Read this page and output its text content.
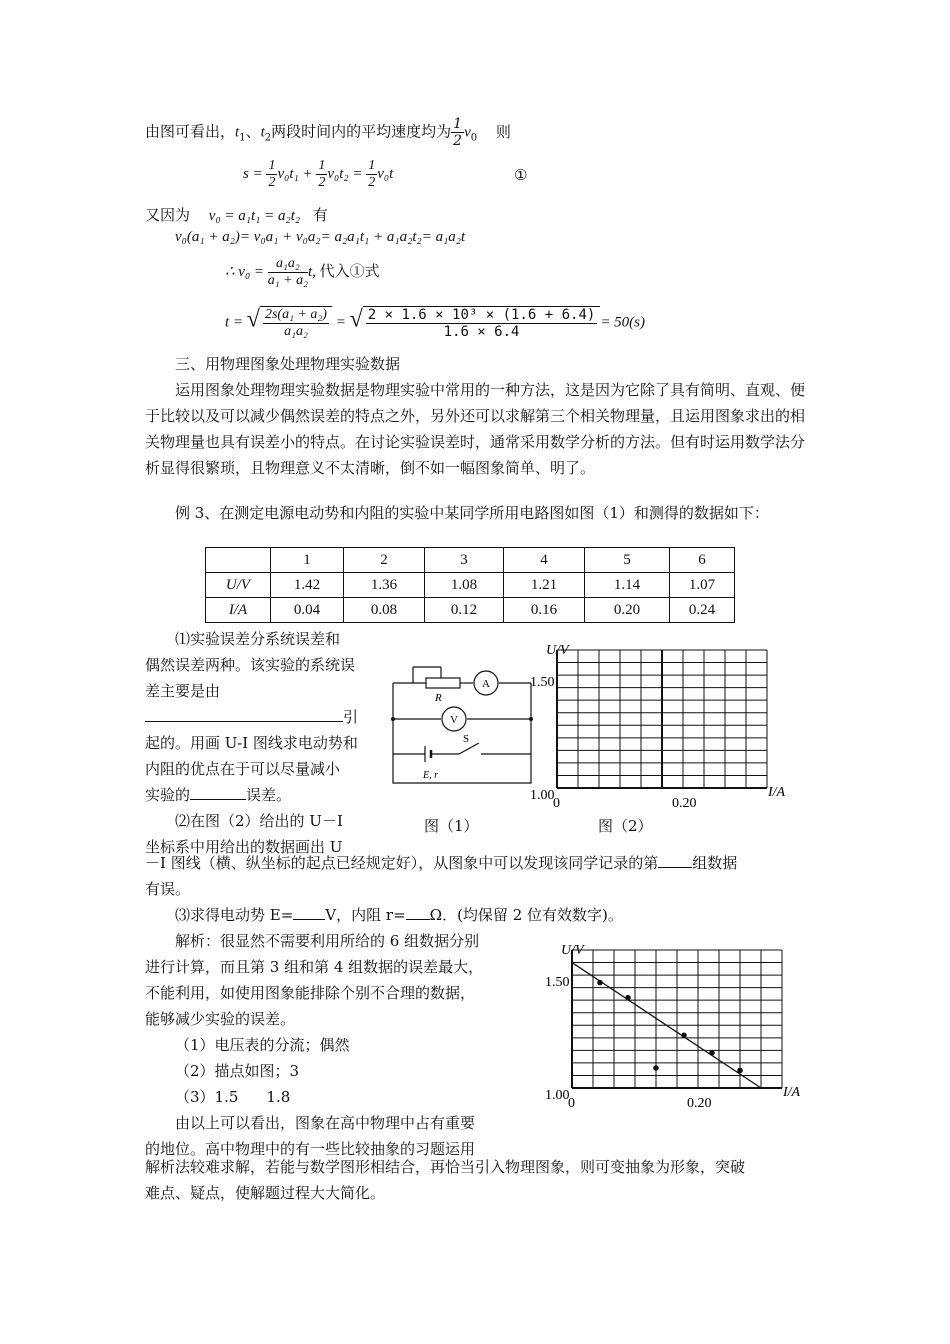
由图可看出，$t_1$、$t_2$两段时间内的平均速度均为 $\frac{1}{2} v_0$ 则
$s = \frac{1}{2} v_0t_1 + \frac{1}{2} v_0t_2 = \frac{1}{2} v_0t$	①
又因为 v₀ = a₁t₁ = a₂t₂ 有
v₀(a₁ + a₂)= v₀a₁ + v₀a₂= a₂a₁t₁ + a₁a₂t₂= a₁a₂t
∴ $v_0 = \frac{\text{a₁a₂}}{\text{a₁ + a₂}} t$, 代入①式
t = √ $\frac{\text{2s(a₁ + a₂)}}{\text{a₁a₂}}$ = √ $\frac{\text{2 × 1.6 × 10³ × (1.6 + 6.4)}}{1.6 \times 6.4} = 50(s)$
三、用物理图象处理物理实验数据
运用图象处理物理实验数据是物理实验中常用的一种方法，这是因为它除了具有简明、直观、便于比较以及可以减少偶然误差的特点之外，另外还可以求解第三个相关物理量，且运用图象求出的相关物理量也具有误差小的特点。在讨论实验误差时，通常采用数学分析的方法。但有时运用数学法分析显得很繁琐，且物理意义不太清晰，倒不如一幅图象简单、明了。
例 3、在测定电源电动势和内阻的实验中某同学所用电路图如图（1）和测得的数据如下：
	1	2	3	4	5	6
U/V	1.42	1.36	1.08	1.21	1.14	1.07
I/A	0.04	0.08	0.12	0.16	0.20	0.24
⑴实验误差分系统误差和
偶然误差两种。该实验的系统误
差主要是由
引
起的。用画 U-I 图线求电动势和
内阻的优点在于可以尽量减小
实验的	误差。
⑵在图（2）给出的 U－I
坐标系中用给出的数据画出 U
－I 图线（横、纵坐标的起点已经规定好），从图象中可以发现该同学记录的第 组数据
有误。
⑶求得电动势 E= V，内阻 r= Ω．(均保留 2 位有效数字)。
R
A
V
S
E, r
图（1）
U/V
1.50
1.00
0	0.20
I/A
图（2）
解析：很显然不需要利用所给的 6 组数据分别
进行计算，而且第 3 组和第 4 组数据的误差最大，
不能利用，如使用图象能排除个别不合理的数据，
能够减少实验的误差。
（1）电压表的分流；偶然
（2）描点如图；3
（3）1.5 1.8
由以上可以看出，图象在高中物理中占有重要
的地位。高中物理中的有一些比较抽象的习题运用
解析法较难求解，若能与数学图形相结合，再恰当引入物理图象，则可变抽象为形象，突破
难点、疑点，使解题过程大大简化。
U/V
1.50
1.00
0	0.20
I/A
